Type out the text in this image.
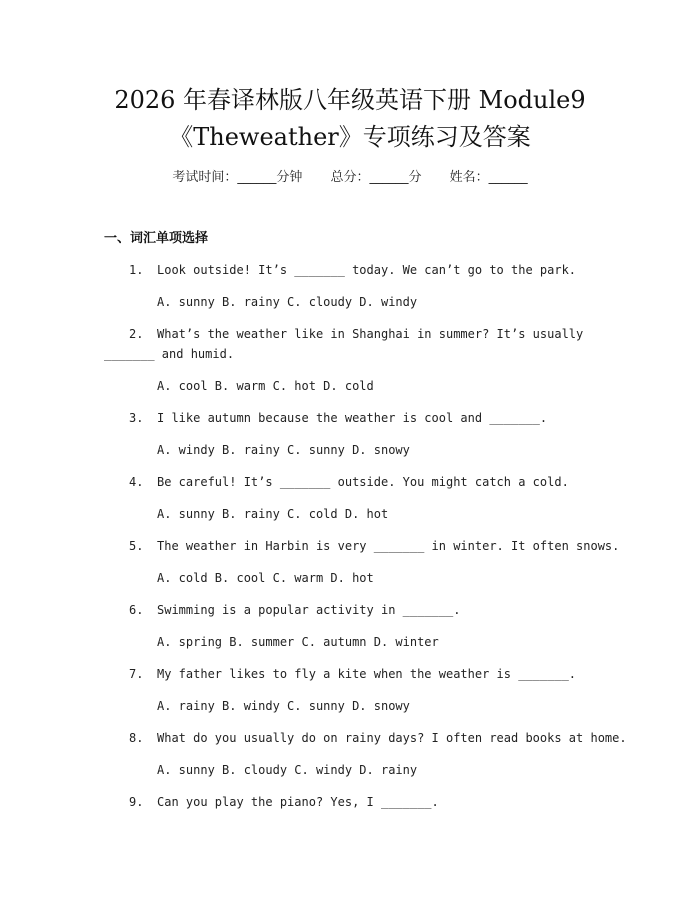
2026 年春译林版八年级英语下册 Module9
《Theweather》专项练习及答案
考试时间：______分钟 总分：______分 姓名：______
一、词汇单项选择
1. Look outside! It’s _______ today. We can’t go to the park.
A. sunny B. rainy C. cloudy D. windy
2. What’s the weather like in Shanghai in summer? It’s usually
_______ and humid.
A. cool B. warm C. hot D. cold
3. I like autumn because the weather is cool and _______.
A. windy B. rainy C. sunny D. snowy
4. Be careful! It’s _______ outside. You might catch a cold.
A. sunny B. rainy C. cold D. hot
5. The weather in Harbin is very _______ in winter. It often snows.
A. cold B. cool C. warm D. hot
6. Swimming is a popular activity in _______.
A. spring B. summer C. autumn D. winter
7. My father likes to fly a kite when the weather is _______.
A. rainy B. windy C. sunny D. snowy
8. What do you usually do on rainy days? I often read books at home.
A. sunny B. cloudy C. windy D. rainy
9. Can you play the piano? Yes, I _______.
